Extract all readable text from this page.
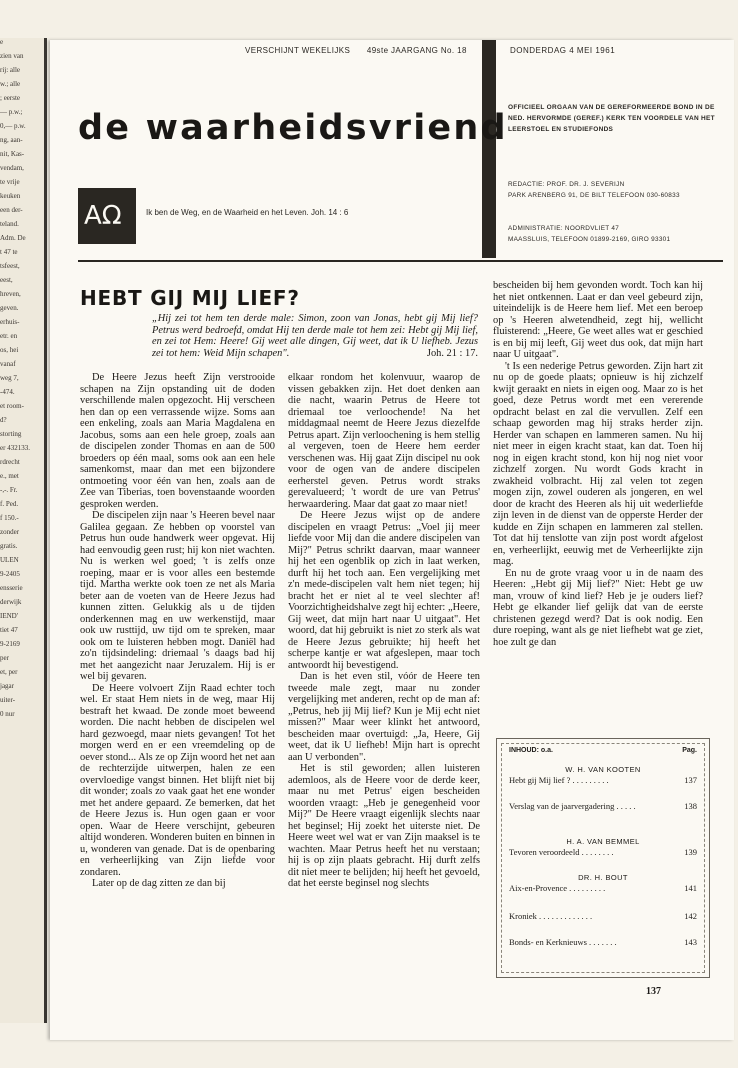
e
zien van
rij: alle
w.; alle
; eerste
— p.w.;
0,— p.w.
ng, aan-
nit, Kas-
vendam,
te vrije
keuken
een der-
teland.
Adm. De
t 47 te
tsfeest,
eest,
hreven,
geven.
erhuis-
etr. en
os, hei
vanaf
weg 7,
-474.
et room-
d?
storting
er 432133.
rdrecht
e., met
-,-. Fr.
f. Ped.
f 150.-
zonder
gratis.
ULEN
9-2405
ensserie
derwijk
IEND'
tiet 47
9-2169
per
et, per
jagar
uiter-
0 nur
VERSCHIJNT WEKELIJKS 49ste JAARGANG No. 18	DONDERDAG 4 MEI 1961
de waarheidsvriend
ΑΩ	Ik ben de Weg, en de Waarheid en het Leven. Joh. 14 : 6
OFFICIEEL ORGAAN VAN DE GEREFORMEERDE BOND IN DE NED. HERVORMDE (GEREF.) KERK TEN VOORDELE VAN HET LEERSTOEL EN STUDIEFONDS
REDACTIE: PROF. DR. J. SEVERIJN
PARK ARENBERG 91, DE BILT TELEFOON 030-60833
ADMINISTRATIE: NOORDVLIET 47
MAASSLUIS, TELEFOON 01899-2169, GIRO 93301
HEBT GIJ MIJ LIEF?
„Hij zei tot hem ten derde male: Simon, zoon van Jonas, hebt gij Mij lief? Petrus werd bedroefd, omdat Hij ten derde male tot hem zei: Hebt gij Mij lief, en zei tot Hem: Heere! Gij weet alle dingen, Gij weet, dat ik U liefheb. Jezus zei tot hem: Weid Mijn schapen".	Joh. 21 : 17.

De Heere Jezus heeft Zijn verstrooide schapen na Zijn opstanding uit de doden verschillende malen opgezocht. Hij verscheen hen dan op een verrassende wijze. Soms aan een enkeling, zoals aan Maria Magdalena en Jacobus, soms aan een hele groep, zoals aan de discipelen zonder Thomas en aan de 500 broeders op één maal, soms ook aan een hele samenkomst, maar dan met een bijzondere ontmoeting voor één van hen, zoals aan de Zee van Tiberias, toen bovenstaande woorden gesproken werden.

De discipelen zijn naar 's Heeren bevel naar Galilea gegaan. Ze hebben op voorstel van Petrus hun oude handwerk weer opgevat. Hij had eenvoudig geen rust; hij kon niet wachten. Nu is werken wel goed; 't is zelfs onze roeping, maar er is voor alles een bestemde tijd. Martha werkte ook toen ze net als Maria beter aan de voeten van de Heere Jezus had kunnen zitten. Gelukkig als u de tijden onderkennen mag en uw werkenstijd, maar ook uw rusttijd, uw tijd om te spreken, maar ook om te luisteren hebben mogt. Daniël had zo'n tijdsindeling: driemaal 's daags bad hij met het aangezicht naar Jeruzalem. Hij is er wel bij gevaren.

De Heere volvoert Zijn Raad echter toch wel. Er staat Hem niets in de weg, maar Hij bestraft het kwaad. De zonde moet beweend worden. Die nacht hebben de discipelen wel hard gezwoegd, maar niets gevangen! Tot het morgen werd en er een vreemdeling op de oever stond... Als ze op Zijn woord het net aan de rechterzijde uitwerpen, halen ze een overvloedige vangst binnen. Het blijft niet bij dit wonder; zoals zo vaak gaat het ene wonder met het andere gepaard. Ze bemerken, dat het de Heere Jezus is. Hun ogen gaan er voor open. Waar de Heere verschijnt, gebeuren altijd wonderen. Wonderen buiten en binnen in u, wonderen van genade. Dat is de openbaring en verheerlijking van Zijn liefde voor zondaren.

Later op de dag zitten ze dan bij

elkaar rondom het kolenvuur, waarop de vissen gebakken zijn. Het doet denken aan die nacht, waarin Petrus de Heere tot driemaal toe verloochende! Na het middagmaal neemt de Heere Jezus diezelfde Petrus apart. Zijn verloochening is hem stellig al vergeven, toen de Heere hem eerder verschenen was. Hij gaat Zijn discipel nu ook voor de ogen van de andere discipelen eerherstel geven. Petrus wordt straks gerevalueerd; 't wordt de ure van Petrus' herwaardering. Maar dat gaat zo maar niet!

De Heere Jezus wijst op de andere discipelen en vraagt Petrus: „Voel jij meer liefde voor Mij dan die andere discipelen van Mij?" Petrus schrikt daarvan, maar wanneer hij het een ogenblik op zich in laat werken, durft hij het toch aan. Een vergelijking met z'n mede-discipelen valt hem niet tegen; hij bracht het er niet al te veel slechter af! Voorzichtigheidshalve zegt hij echter: „Heere, Gij weet, dat mijn hart naar U uitgaat". Het woord, dat hij gebruikt is niet zo sterk als wat de Heere Jezus gebruikte; hij heeft het scherpe kantje er wat afgeslepen, maar toch antwoordt hij bevestigend.

Dan is het even stil, vóór de Heere ten tweede male zegt, maar nu zonder vergelijking met anderen, recht op de man af: „Petrus, heb jij Mij lief? Kun je Mij echt niet missen?" Maar weer klinkt het antwoord, bescheiden maar overtuigd: „Ja, Heere, Gij weet, dat ik U liefheb! Mijn hart is oprecht aan U verbonden".

Het is stil geworden; allen luisteren ademloos, als de Heere voor de derde keer, maar nu met Petrus' eigen bescheiden woorden vraagt: „Heb je genegenheid voor Mij?" De Heere vraagt eigenlijk slechts naar het beginsel; Hij zoekt het uiterste niet. De Heere weet wel wat er van Zijn maaksel is te wachten. Maar Petrus heeft het nu verstaan; hij is op zijn plaats gebracht. Hij durft zelfs dit niet meer te belijden; hij heeft het gevoeld, dat het eerste beginsel nog slechts

bescheiden bij hem gevonden wordt. Toch kan hij het niet ontkennen. Laat er dan veel gebeurd zijn, uiteindelijk is de Heere hem lief. Met een beroep op 's Heeren alwetendheid, zegt hij, wellicht fluisterend: „Heere, Ge weet alles wat er geschied is en bij mij leeft, Gij weet dus ook, dat mijn hart naar U uitgaat".

't Is een nederige Petrus geworden. Zijn hart zit nu op de goede plaats; opnieuw is hij zichzelf kwijt geraakt en niets in eigen oog. Maar zo is het goed, deze Petrus wordt met een vererende opdracht belast en zal die vervullen. Zelf een schaap geworden mag hij straks herder zijn. Herder van schapen en lammeren samen. Nu hij niet meer in eigen kracht staat, kan dat. Toen hij nog in eigen kracht stond, kon hij nog niet voor zichzelf zorgen. Nu wordt Gods kracht in zwakheid volbracht. Hij zal velen tot zegen mogen zijn, zowel ouderen als jongeren, en wel door de kracht des Heeren als hij uit wederliefde zijn leven in de dienst van de opperste Herder der kudde en Zijn schapen en lammeren zal stellen. Tot dat hij tenslotte van zijn post wordt afgelost en, verheerlijkt, eeuwig met de Verheerlijkte zijn mag.

En nu de grote vraag voor u in de naam des Heeren: „Hebt gij Mij lief?" Niet: Hebt ge uw man, vrouw of kind lief? Heb je je ouders lief? Hebt ge elkander lief gelijk dat van de eerste christenen gezegd werd? Dat is ook nodig. Een dure roeping, want als ge niet liefhebt wat ge ziet, hoe zult ge dan

INHOUD: o.a.	Pag.
W. H. VAN KOOTEN
Hebt gij Mij lief ? . . . . . . . . .	137
Verslag van de jaarvergadering . . . . .	138
H. A. VAN BEMMEL
Tevoren veroordeeld . . . . . . . .	139
DR. H. BOUT
Aix-en-Provence . . . . . . . . .	141
Kroniek . . . . . . . . . . . . .	142
Bonds- en Kerknieuws . . . . . . .	143
137
